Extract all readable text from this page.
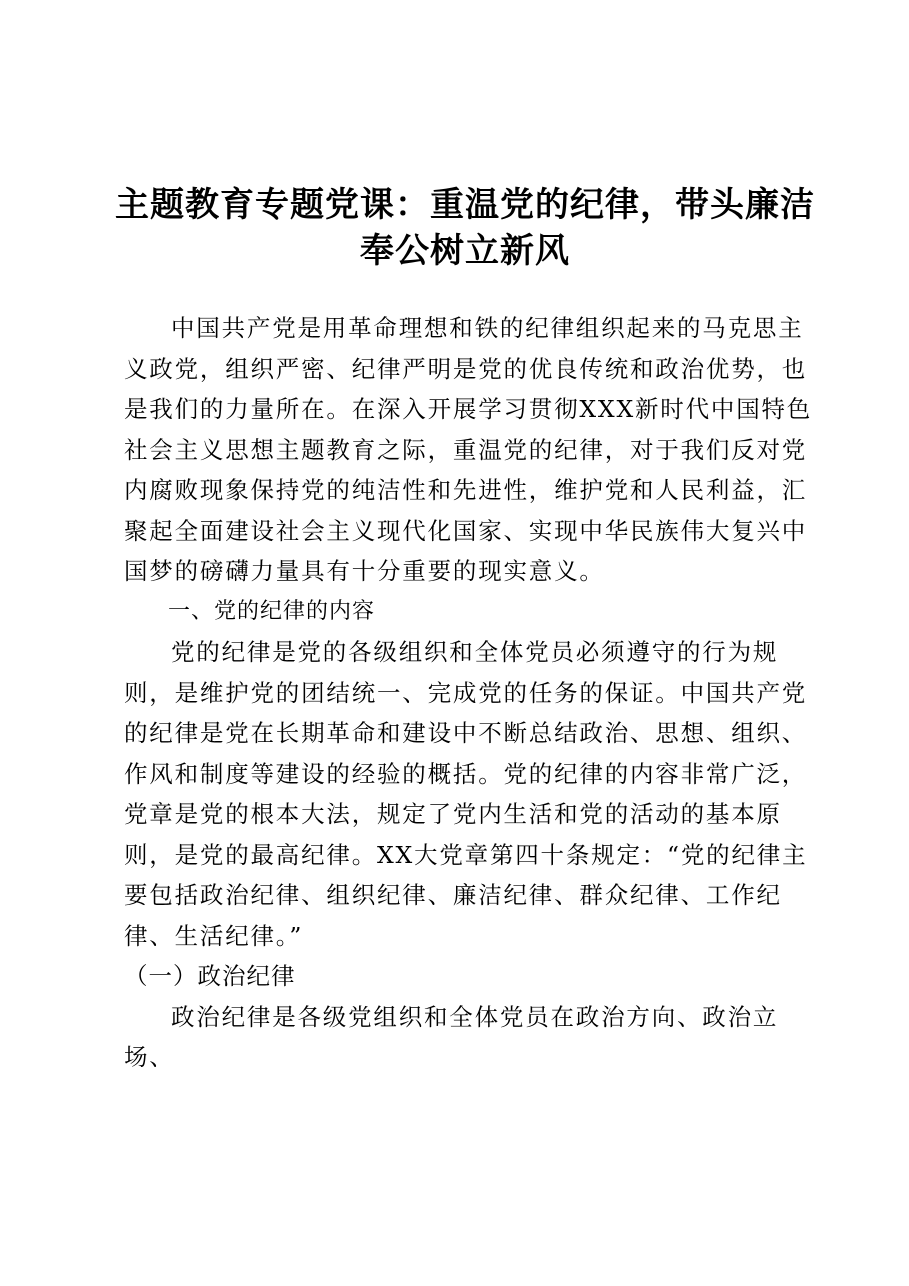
主题教育专题党课：重温党的纪律，带头廉洁奉公树立新风

中国共产党是用革命理想和铁的纪律组织起来的马克思主义政党，组织严密、纪律严明是党的优良传统和政治优势，也是我们的力量所在。在深入开展学习贯彻XXX新时代中国特色社会主义思想主题教育之际，重温党的纪律，对于我们反对党内腐败现象保持党的纯洁性和先进性，维护党和人民利益，汇聚起全面建设社会主义现代化国家、实现中华民族伟大复兴中国梦的磅礴力量具有十分重要的现实意义。

一、党的纪律的内容

党的纪律是党的各级组织和全体党员必须遵守的行为规则，是维护党的团结统一、完成党的任务的保证。中国共产党的纪律是党在长期革命和建设中不断总结政治、思想、组织、作风和制度等建设的经验的概括。党的纪律的内容非常广泛，党章是党的根本大法，规定了党内生活和党的活动的基本原则，是党的最高纪律。XX大党章第四十条规定：“党的纪律主要包括政治纪律、组织纪律、廉洁纪律、群众纪律、工作纪律、生活纪律。”

（一）政治纪律

政治纪律是各级党组织和全体党员在政治方向、政治立场、
